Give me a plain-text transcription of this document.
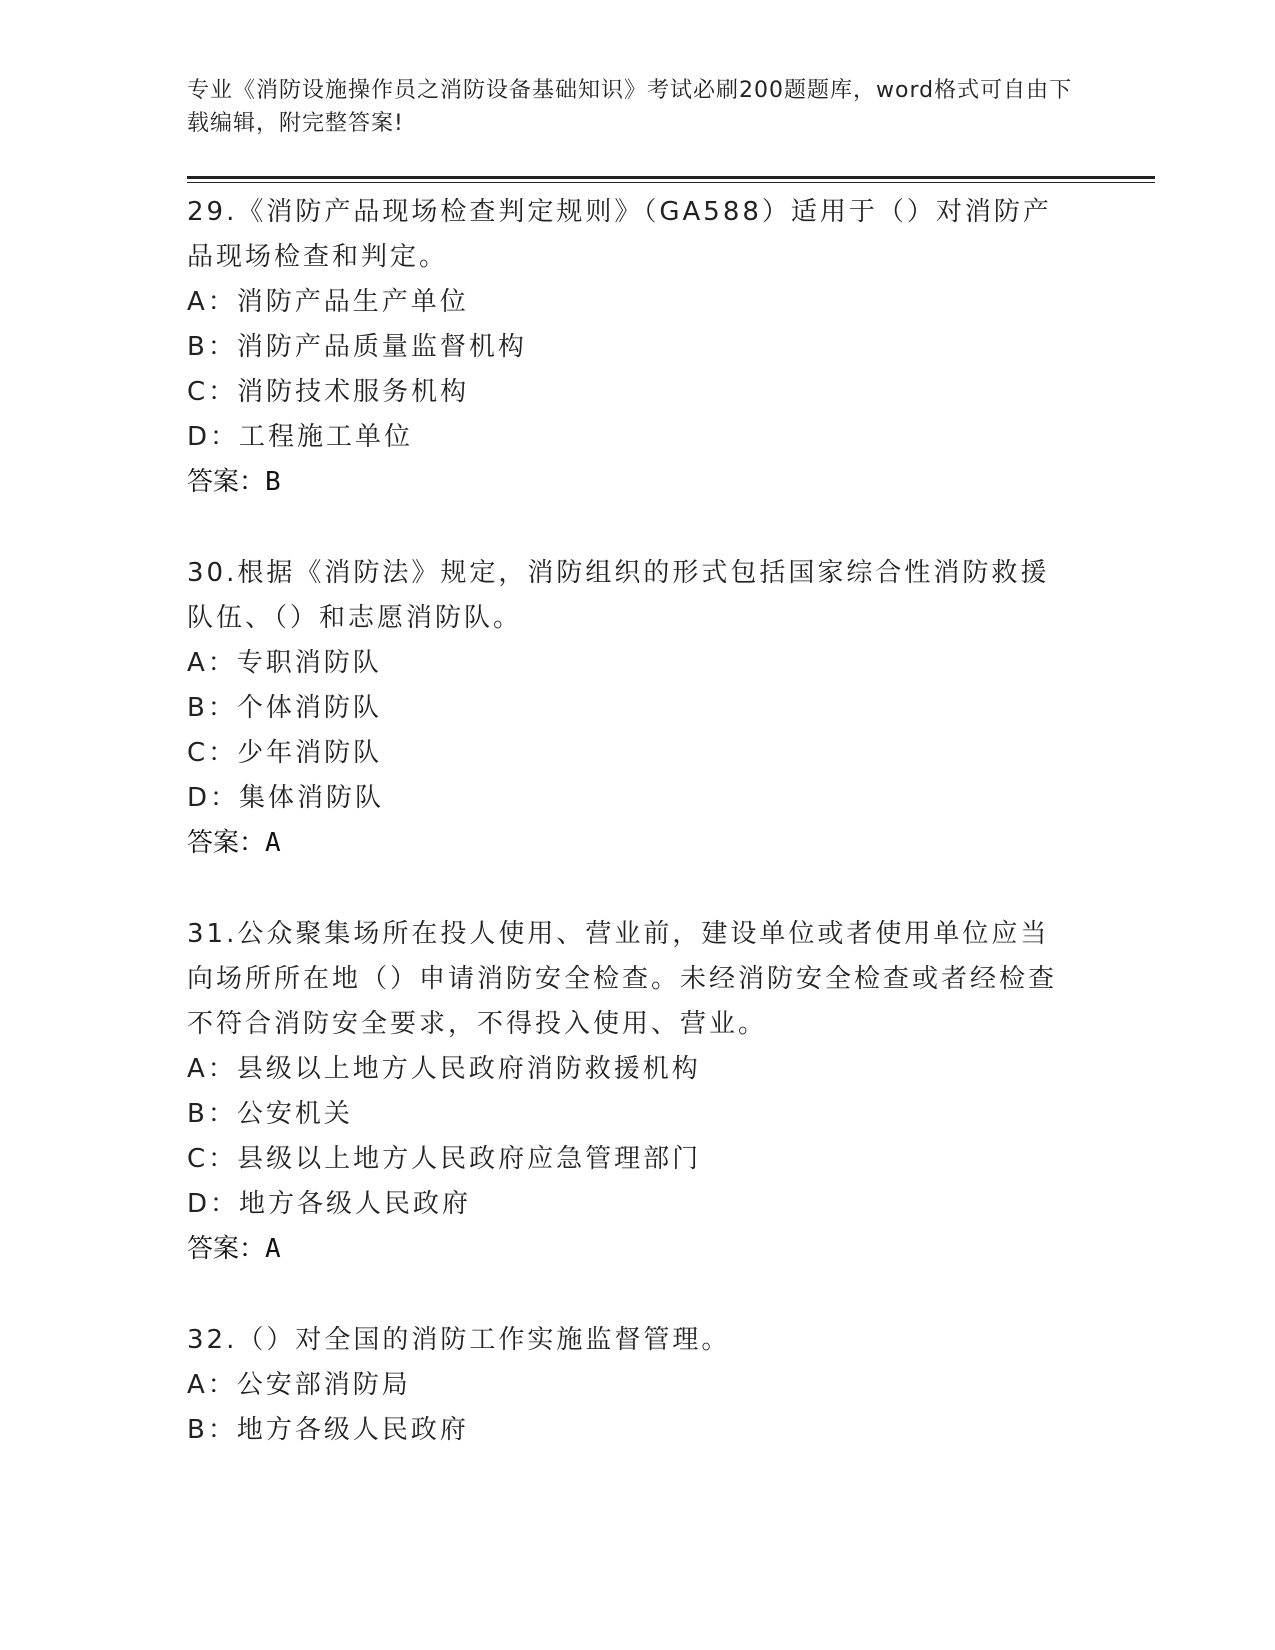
专业《消防设施操作员之消防设备基础知识》考试必刷200题题库，word格式可自由下载编辑，附完整答案!
29.《消防产品现场检查判定规则》（GA588）适用于（）对消防产品现场检查和判定。
A：消防产品生产单位
B：消防产品质量监督机构
C：消防技术服务机构
D：工程施工单位
答案：B
30.根据《消防法》规定，消防组织的形式包括国家综合性消防救援队伍、（）和志愿消防队。
A：专职消防队
B：个体消防队
C：少年消防队
D：集体消防队
答案：A
31.公众聚集场所在投人使用、营业前，建设单位或者使用单位应当向场所所在地（）申请消防安全检查。未经消防安全检查或者经检查不符合消防安全要求，不得投入使用、营业。
A：县级以上地方人民政府消防救援机构
B：公安机关
C：县级以上地方人民政府应急管理部门
D：地方各级人民政府
答案：A
32.（）对全国的消防工作实施监督管理。
A：公安部消防局
B：地方各级人民政府
